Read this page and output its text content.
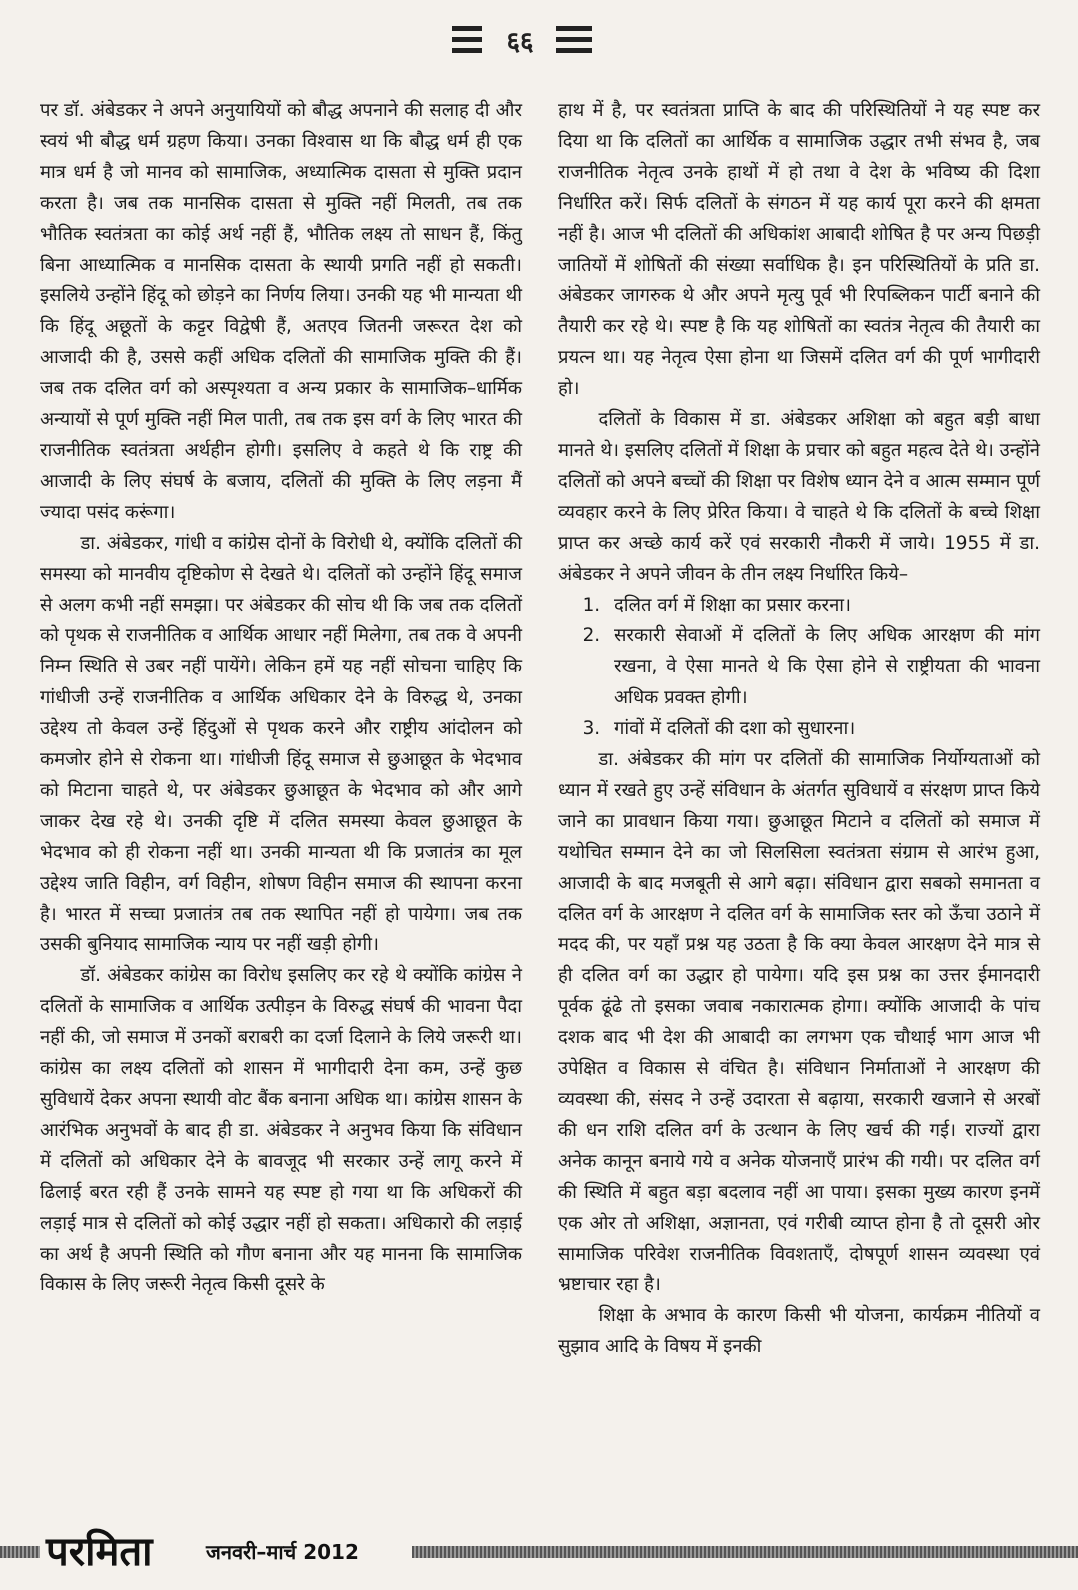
६६

पर डॉ. अंबेडकर ने अपने अनुयायियों को बौद्ध अपनाने की सलाह दी और स्वयं भी बौद्ध धर्म ग्रहण किया। उनका विश्वास था कि बौद्ध धर्म ही एक मात्र धर्म है जो मानव को सामाजिक, अध्यात्मिक दासता से मुक्ति प्रदान करता है। जब तक मानसिक दासता से मुक्ति नहीं मिलती, तब तक भौतिक स्वतंत्रता का कोई अर्थ नहीं हैं, भौतिक लक्ष्य तो साधन हैं, किंतु बिना आध्यात्मिक व मानसिक दासता के स्थायी प्रगति नहीं हो सकती। इसलिये उन्होंने हिंदू को छोड़ने का निर्णय लिया। उनकी यह भी मान्यता थी कि हिंदू अछूतों के कट्टर विद्वेषी हैं, अतएव जितनी जरूरत देश को आजादी की है, उससे कहीं अधिक दलितों की सामाजिक मुक्ति की हैं। जब तक दलित वर्ग को अस्पृश्यता व अन्य प्रकार के सामाजिक–धार्मिक अन्यायों से पूर्ण मुक्ति नहीं मिल पाती, तब तक इस वर्ग के लिए भारत की राजनीतिक स्वतंत्रता अर्थहीन होगी। इसलिए वे कहते थे कि राष्ट्र की आजादी के लिए संघर्ष के बजाय, दलितों की मुक्ति के लिए लड़ना मैं ज्यादा पसंद करूंगा।

डा. अंबेडकर, गांधी व कांग्रेस दोनों के विरोधी थे, क्योंकि दलितों की समस्या को मानवीय दृष्टिकोण से देखते थे। दलितों को उन्होंने हिंदू समाज से अलग कभी नहीं समझा। पर अंबेडकर की सोच थी कि जब तक दलितों को पृथक से राजनीतिक व आर्थिक आधार नहीं मिलेगा, तब तक वे अपनी निम्न स्थिति से उबर नहीं पायेंगे। लेकिन हमें यह नहीं सोचना चाहिए कि गांधीजी उन्हें राजनीतिक व आर्थिक अधिकार देने के विरुद्ध थे, उनका उद्देश्य तो केवल उन्हें हिंदुओं से पृथक करने और राष्ट्रीय आंदोलन को कमजोर होने से रोकना था। गांधीजी हिंदू समाज से छुआछूत के भेदभाव को मिटाना चाहते थे, पर अंबेडकर छुआछूत के भेदभाव को और आगे जाकर देख रहे थे। उनकी दृष्टि में दलित समस्या केवल छुआछूत के भेदभाव को ही रोकना नहीं था। उनकी मान्यता थी कि प्रजातंत्र का मूल उद्देश्य जाति विहीन, वर्ग विहीन, शोषण विहीन समाज की स्थापना करना है। भारत में सच्चा प्रजातंत्र तब तक स्थापित नहीं हो पायेगा। जब तक उसकी बुनियाद सामाजिक न्याय पर नहीं खड़ी होगी।

डॉ. अंबेडकर कांग्रेस का विरोध इसलिए कर रहे थे क्योंकि कांग्रेस ने दलितों के सामाजिक व आर्थिक उत्पीड़न के विरुद्ध संघर्ष की भावना पैदा नहीं की, जो समाज में उनकों बराबरी का दर्जा दिलाने के लिये जरूरी था। कांग्रेस का लक्ष्य दलितों को शासन में भागीदारी देना कम, उन्हें कुछ सुविधायें देकर अपना स्थायी वोट बैंक बनाना अधिक था। कांग्रेस शासन के आरंभिक अनुभवों के बाद ही डा. अंबेडकर ने अनुभव किया कि संविधान में दलितों को अधिकार देने के बावजूद भी सरकार उन्हें लागू करने में ढिलाई बरत रही हैं उनके सामने यह स्पष्ट हो गया था कि अधिकरों की लड़ाई मात्र से दलितों को कोई उद्धार नहीं हो सकता। अधिकारो की लड़ाई का अर्थ है अपनी स्थिति को गौण बनाना और यह मानना कि सामाजिक विकास के लिए जरूरी नेतृत्व किसी दूसरे के

हाथ में है, पर स्वतंत्रता प्राप्ति के बाद की परिस्थितियों ने यह स्पष्ट कर दिया था कि दलितों का आर्थिक व सामाजिक उद्धार तभी संभव है, जब राजनीतिक नेतृत्व उनके हाथों में हो तथा वे देश के भविष्य की दिशा निर्धारित करें। सिर्फ दलितों के संगठन में यह कार्य पूरा करने की क्षमता नहीं है। आज भी दलितों की अधिकांश आबादी शोषित है पर अन्य पिछड़ी जातियों में शोषितों की संख्या सर्वाधिक है। इन परिस्थितियों के प्रति डा. अंबेडकर जागरुक थे और अपने मृत्यु पूर्व भी रिपब्लिकन पार्टी बनाने की तैयारी कर रहे थे। स्पष्ट है कि यह शोषितों का स्वतंत्र नेतृत्व की तैयारी का प्रयत्न था। यह नेतृत्व ऐसा होना था जिसमें दलित वर्ग की पूर्ण भागीदारी हो।

दलितों के विकास में डा. अंबेडकर अशिक्षा को बहुत बड़ी बाधा मानते थे। इसलिए दलितों में शिक्षा के प्रचार को बहुत महत्व देते थे। उन्होंने दलितों को अपने बच्चों की शिक्षा पर विशेष ध्यान देने व आत्म सम्मान पूर्ण व्यवहार करने के लिए प्रेरित किया। वे चाहते थे कि दलितों के बच्चे शिक्षा प्राप्त कर अच्छे कार्य करें एवं सरकारी नौकरी में जाये। 1955 में डा. अंबेडकर ने अपने जीवन के तीन लक्ष्य निर्धारित किये–

1. दलित वर्ग में शिक्षा का प्रसार करना।
2. सरकारी सेवाओं में दलितों के लिए अधिक आरक्षण की मांग रखना, वे ऐसा मानते थे कि ऐसा होने से राष्ट्रीयता की भावना अधिक प्रवक्त होगी।
3. गांवों में दलितों की दशा को सुधारना।

डा. अंबेडकर की मांग पर दलितों की सामाजिक निर्योग्यताओं को ध्यान में रखते हुए उन्हें संविधान के अंतर्गत सुविधायें व संरक्षण प्राप्त किये जाने का प्रावधान किया गया। छुआछूत मिटाने व दलितों को समाज में यथोचित सम्मान देने का जो सिलसिला स्वतंत्रता संग्राम से आरंभ हुआ, आजादी के बाद मजबूती से आगे बढ़ा। संविधान द्वारा सबको समानता व दलित वर्ग के आरक्षण ने दलित वर्ग के सामाजिक स्तर को ऊँचा उठाने में मदद की, पर यहाँ प्रश्न यह उठता है कि क्या केवल आरक्षण देने मात्र से ही दलित वर्ग का उद्धार हो पायेगा। यदि इस प्रश्न का उत्तर ईमानदारी पूर्वक ढूंढे तो इसका जवाब नकारात्मक होगा। क्योंकि आजादी के पांच दशक बाद भी देश की आबादी का लगभग एक चौथाई भाग आज भी उपेक्षित व विकास से वंचित है। संविधान निर्माताओं ने आरक्षण की व्यवस्था की, संसद ने उन्हें उदारता से बढ़ाया, सरकारी खजाने से अरबों की धन राशि दलित वर्ग के उत्थान के लिए खर्च की गई। राज्यों द्वारा अनेक कानून बनाये गये व अनेक योजनाएँ प्रारंभ की गयी। पर दलित वर्ग की स्थिति में बहुत बड़ा बदलाव नहीं आ पाया। इसका मुख्य कारण इनमें एक ओर तो अशिक्षा, अज्ञानता, एवं गरीबी व्याप्त होना है तो दूसरी ओर सामाजिक परिवेश राजनीतिक विवशताएँ, दोषपूर्ण शासन व्यवस्था एवं भ्रष्टाचार रहा है।

शिक्षा के अभाव के कारण किसी भी योजना, कार्यक्रम नीतियों व सुझाव आदि के विषय में इनकी

परमिता	जनवरी–मार्च 2012
